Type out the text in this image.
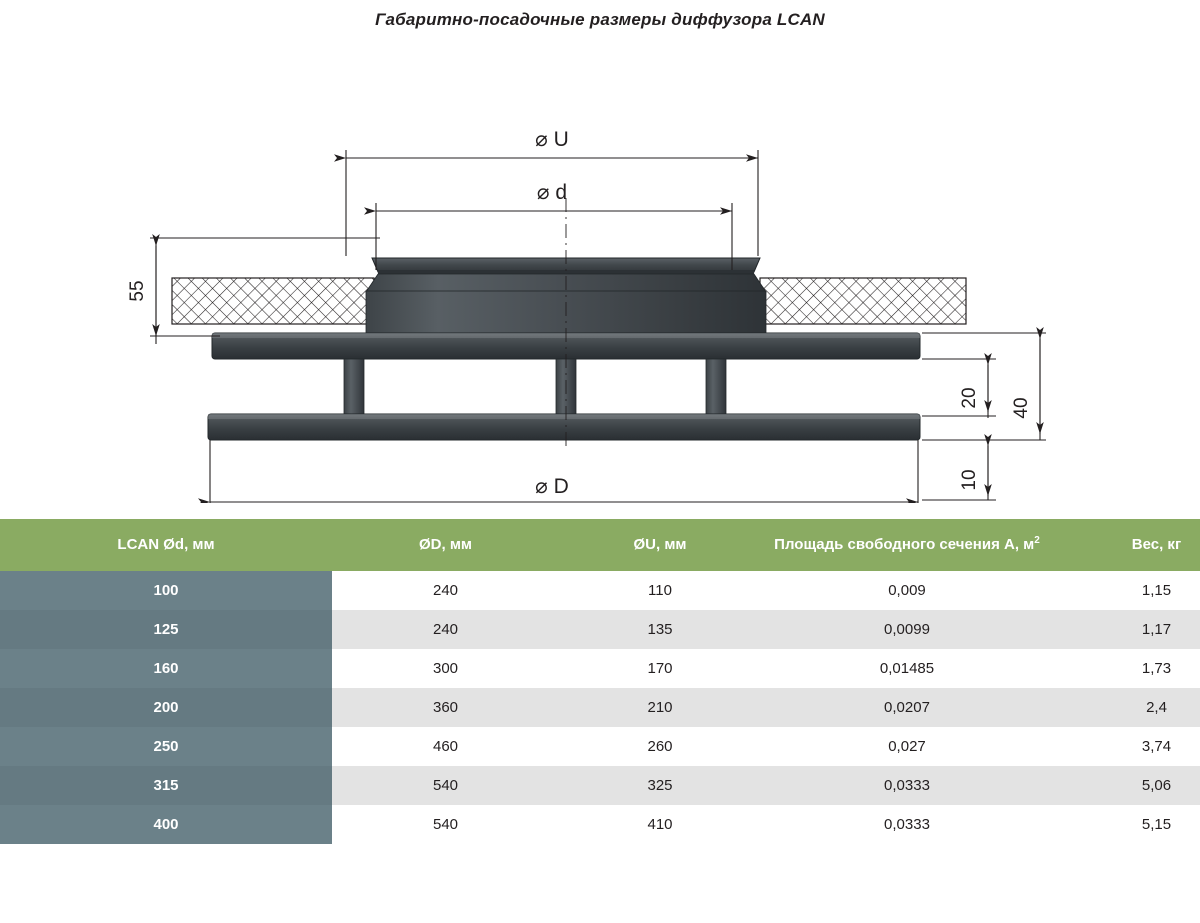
Габаритно-посадочные размеры диффузора LCAN
⌀ U
⌀ d
55
⌀ D
40
20
10
LCAN Ød, мм	ØD, мм	ØU, мм	Площадь свободного сечения A, $м^2$	Вес, кг
100	240	110	0,009	1,15
125	240	135	0,0099	1,17
160	300	170	0,01485	1,73
200	360	210	0,0207	2,4
250	460	260	0,027	3,74
315	540	325	0,0333	5,06
400	540	410	0,0333	5,15
